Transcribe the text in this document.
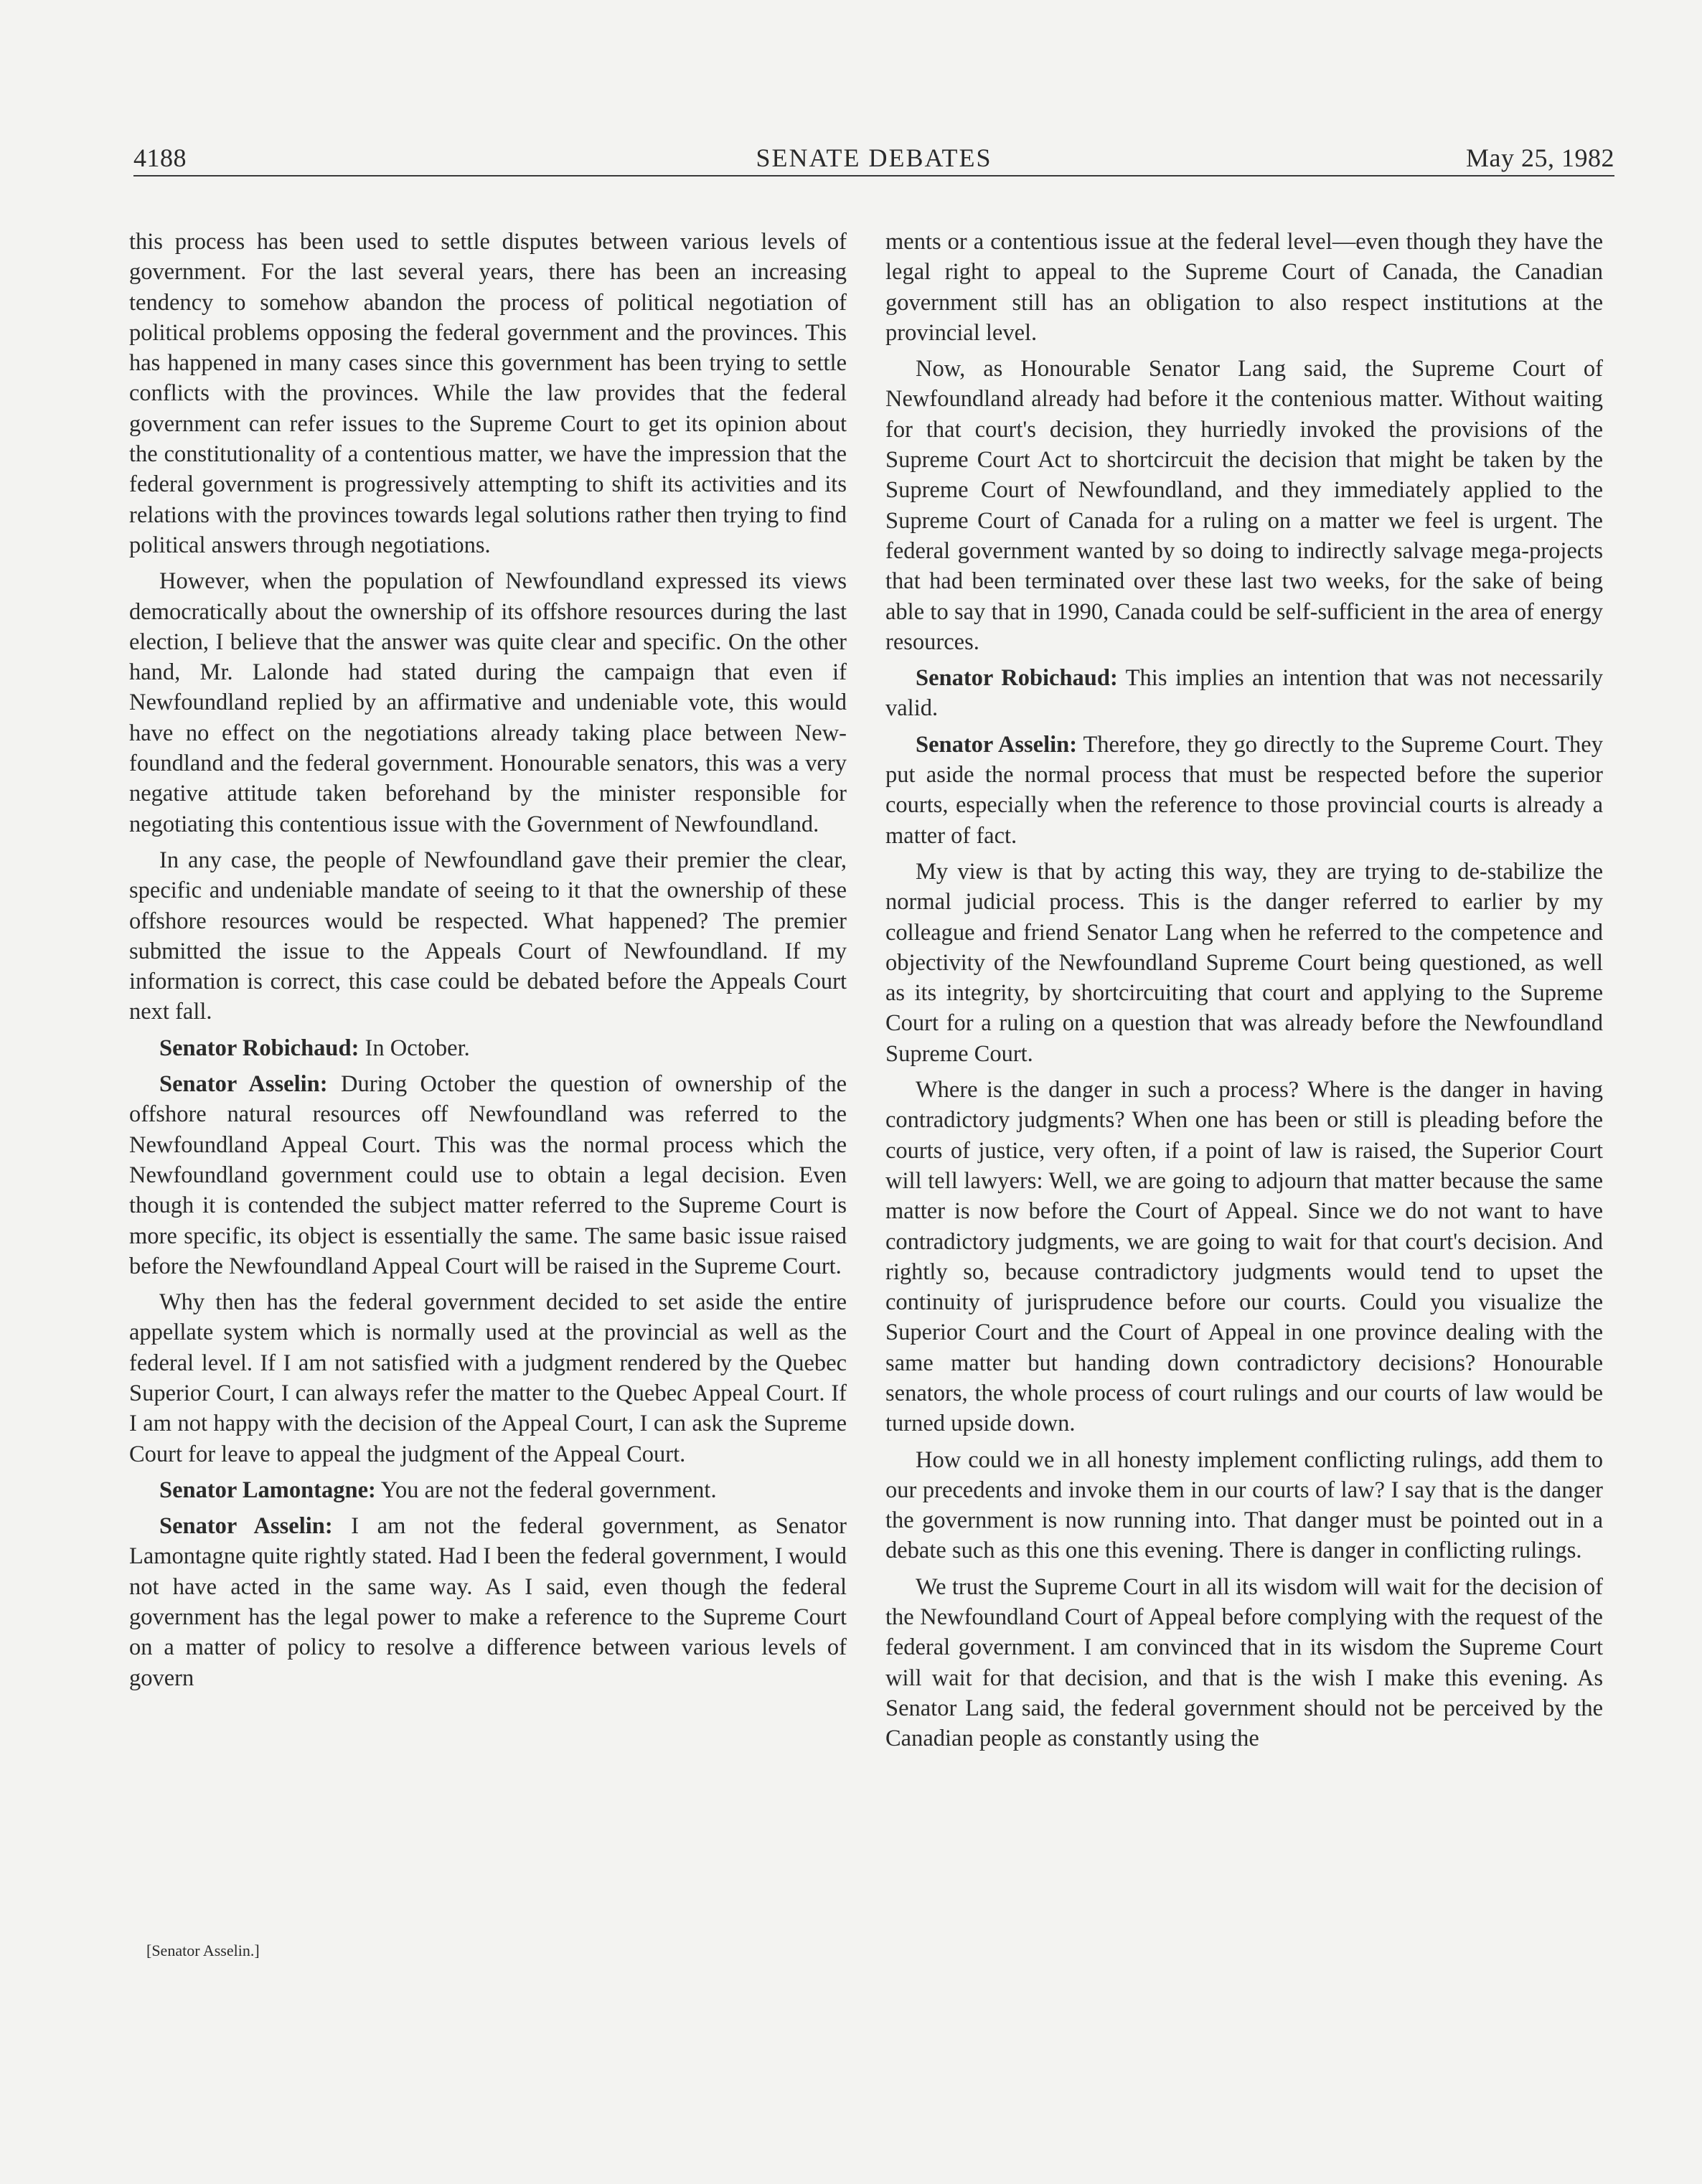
4188	SENATE DEBATES	May 25, 1982

this process has been used to settle disputes between various levels of government. For the last several years, there has been an increasing tendency to somehow abandon the process of political negotiation of political problems opposing the federal government and the provinces. This has happened in many cases since this government has been trying to settle conflicts with the provinces. While the law provides that the federal government can refer issues to the Supreme Court to get its opinion about the constitutionality of a contentious matter, we have the impression that the federal government is progressively attempting to shift its activities and its relations with the provinces towards legal solutions rather then trying to find political answers through negotiations.

However, when the population of Newfoundland expressed its views democratically about the ownership of its offshore resources during the last election, I believe that the answer was quite clear and specific. On the other hand, Mr. Lalonde had stated during the campaign that even if Newfoundland replied by an affirmative and undeniable vote, this would have no effect on the negotiations already taking place between Newfoundland and the federal government. Honourable senators, this was a very negative attitude taken beforehand by the minister responsible for negotiating this contentious issue with the Government of Newfoundland.

In any case, the people of Newfoundland gave their premier the clear, specific and undeniable mandate of seeing to it that the ownership of these offshore resources would be respected. What happened? The premier submitted the issue to the Appeals Court of Newfoundland. If my information is correct, this case could be debated before the Appeals Court next fall.

Senator Robichaud: In October.

Senator Asselin: During October the question of ownership of the offshore natural resources off Newfoundland was referred to the Newfoundland Appeal Court. This was the normal process which the Newfoundland government could use to obtain a legal decision. Even though it is contended the subject matter referred to the Supreme Court is more specific, its object is essentially the same. The same basic issue raised before the Newfoundland Appeal Court will be raised in the Supreme Court.

Why then has the federal government decided to set aside the entire appellate system which is normally used at the provincial as well as the federal level. If I am not satisfied with a judgment rendered by the Quebec Superior Court, I can always refer the matter to the Quebec Appeal Court. If I am not happy with the decision of the Appeal Court, I can ask the Supreme Court for leave to appeal the judgment of the Appeal Court.

Senator Lamontagne: You are not the federal government.

Senator Asselin: I am not the federal government, as Senator Lamontagne quite rightly stated. Had I been the federal government, I would not have acted in the same way. As I said, even though the federal government has the legal power to make a reference to the Supreme Court on a matter of policy to resolve a difference between various levels of govern

ments or a contentious issue at the federal level—even though they have the legal right to appeal to the Supreme Court of Canada, the Canadian government still has an obligation to also respect institutions at the provincial level.

Now, as Honourable Senator Lang said, the Supreme Court of Newfoundland already had before it the contenious matter. Without waiting for that court's decision, they hurriedly invoked the provisions of the Supreme Court Act to shortcircuit the decision that might be taken by the Supreme Court of Newfoundland, and they immediately applied to the Supreme Court of Canada for a ruling on a matter we feel is urgent. The federal government wanted by so doing to indirectly salvage mega-projects that had been terminated over these last two weeks, for the sake of being able to say that in 1990, Canada could be self-sufficient in the area of energy resources.

Senator Robichaud: This implies an intention that was not necessarily valid.

Senator Asselin: Therefore, they go directly to the Supreme Court. They put aside the normal process that must be respected before the superior courts, especially when the reference to those provincial courts is already a matter of fact.

My view is that by acting this way, they are trying to de-stabilize the normal judicial process. This is the danger referred to earlier by my colleague and friend Senator Lang when he referred to the competence and objectivity of the Newfoundland Supreme Court being questioned, as well as its integrity, by shortcircuiting that court and applying to the Supreme Court for a ruling on a question that was already before the Newfoundland Supreme Court.

Where is the danger in such a process? Where is the danger in having contradictory judgments? When one has been or still is pleading before the courts of justice, very often, if a point of law is raised, the Superior Court will tell lawyers: Well, we are going to adjourn that matter because the same matter is now before the Court of Appeal. Since we do not want to have contradictory judgments, we are going to wait for that court's decision. And rightly so, because contradictory judgments would tend to upset the continuity of jurisprudence before our courts. Could you visualize the Superior Court and the Court of Appeal in one province dealing with the same matter but handing down contradictory decisions? Honourable senators, the whole process of court rulings and our courts of law would be turned upside down.

How could we in all honesty implement conflicting rulings, add them to our precedents and invoke them in our courts of law? I say that is the danger the government is now running into. That danger must be pointed out in a debate such as this one this evening. There is danger in conflicting rulings.

We trust the Supreme Court in all its wisdom will wait for the decision of the Newfoundland Court of Appeal before complying with the request of the federal government. I am convinced that in its wisdom the Supreme Court will wait for that decision, and that is the wish I make this evening. As Senator Lang said, the federal government should not be perceived by the Canadian people as constantly using the

[Senator Asselin.]
